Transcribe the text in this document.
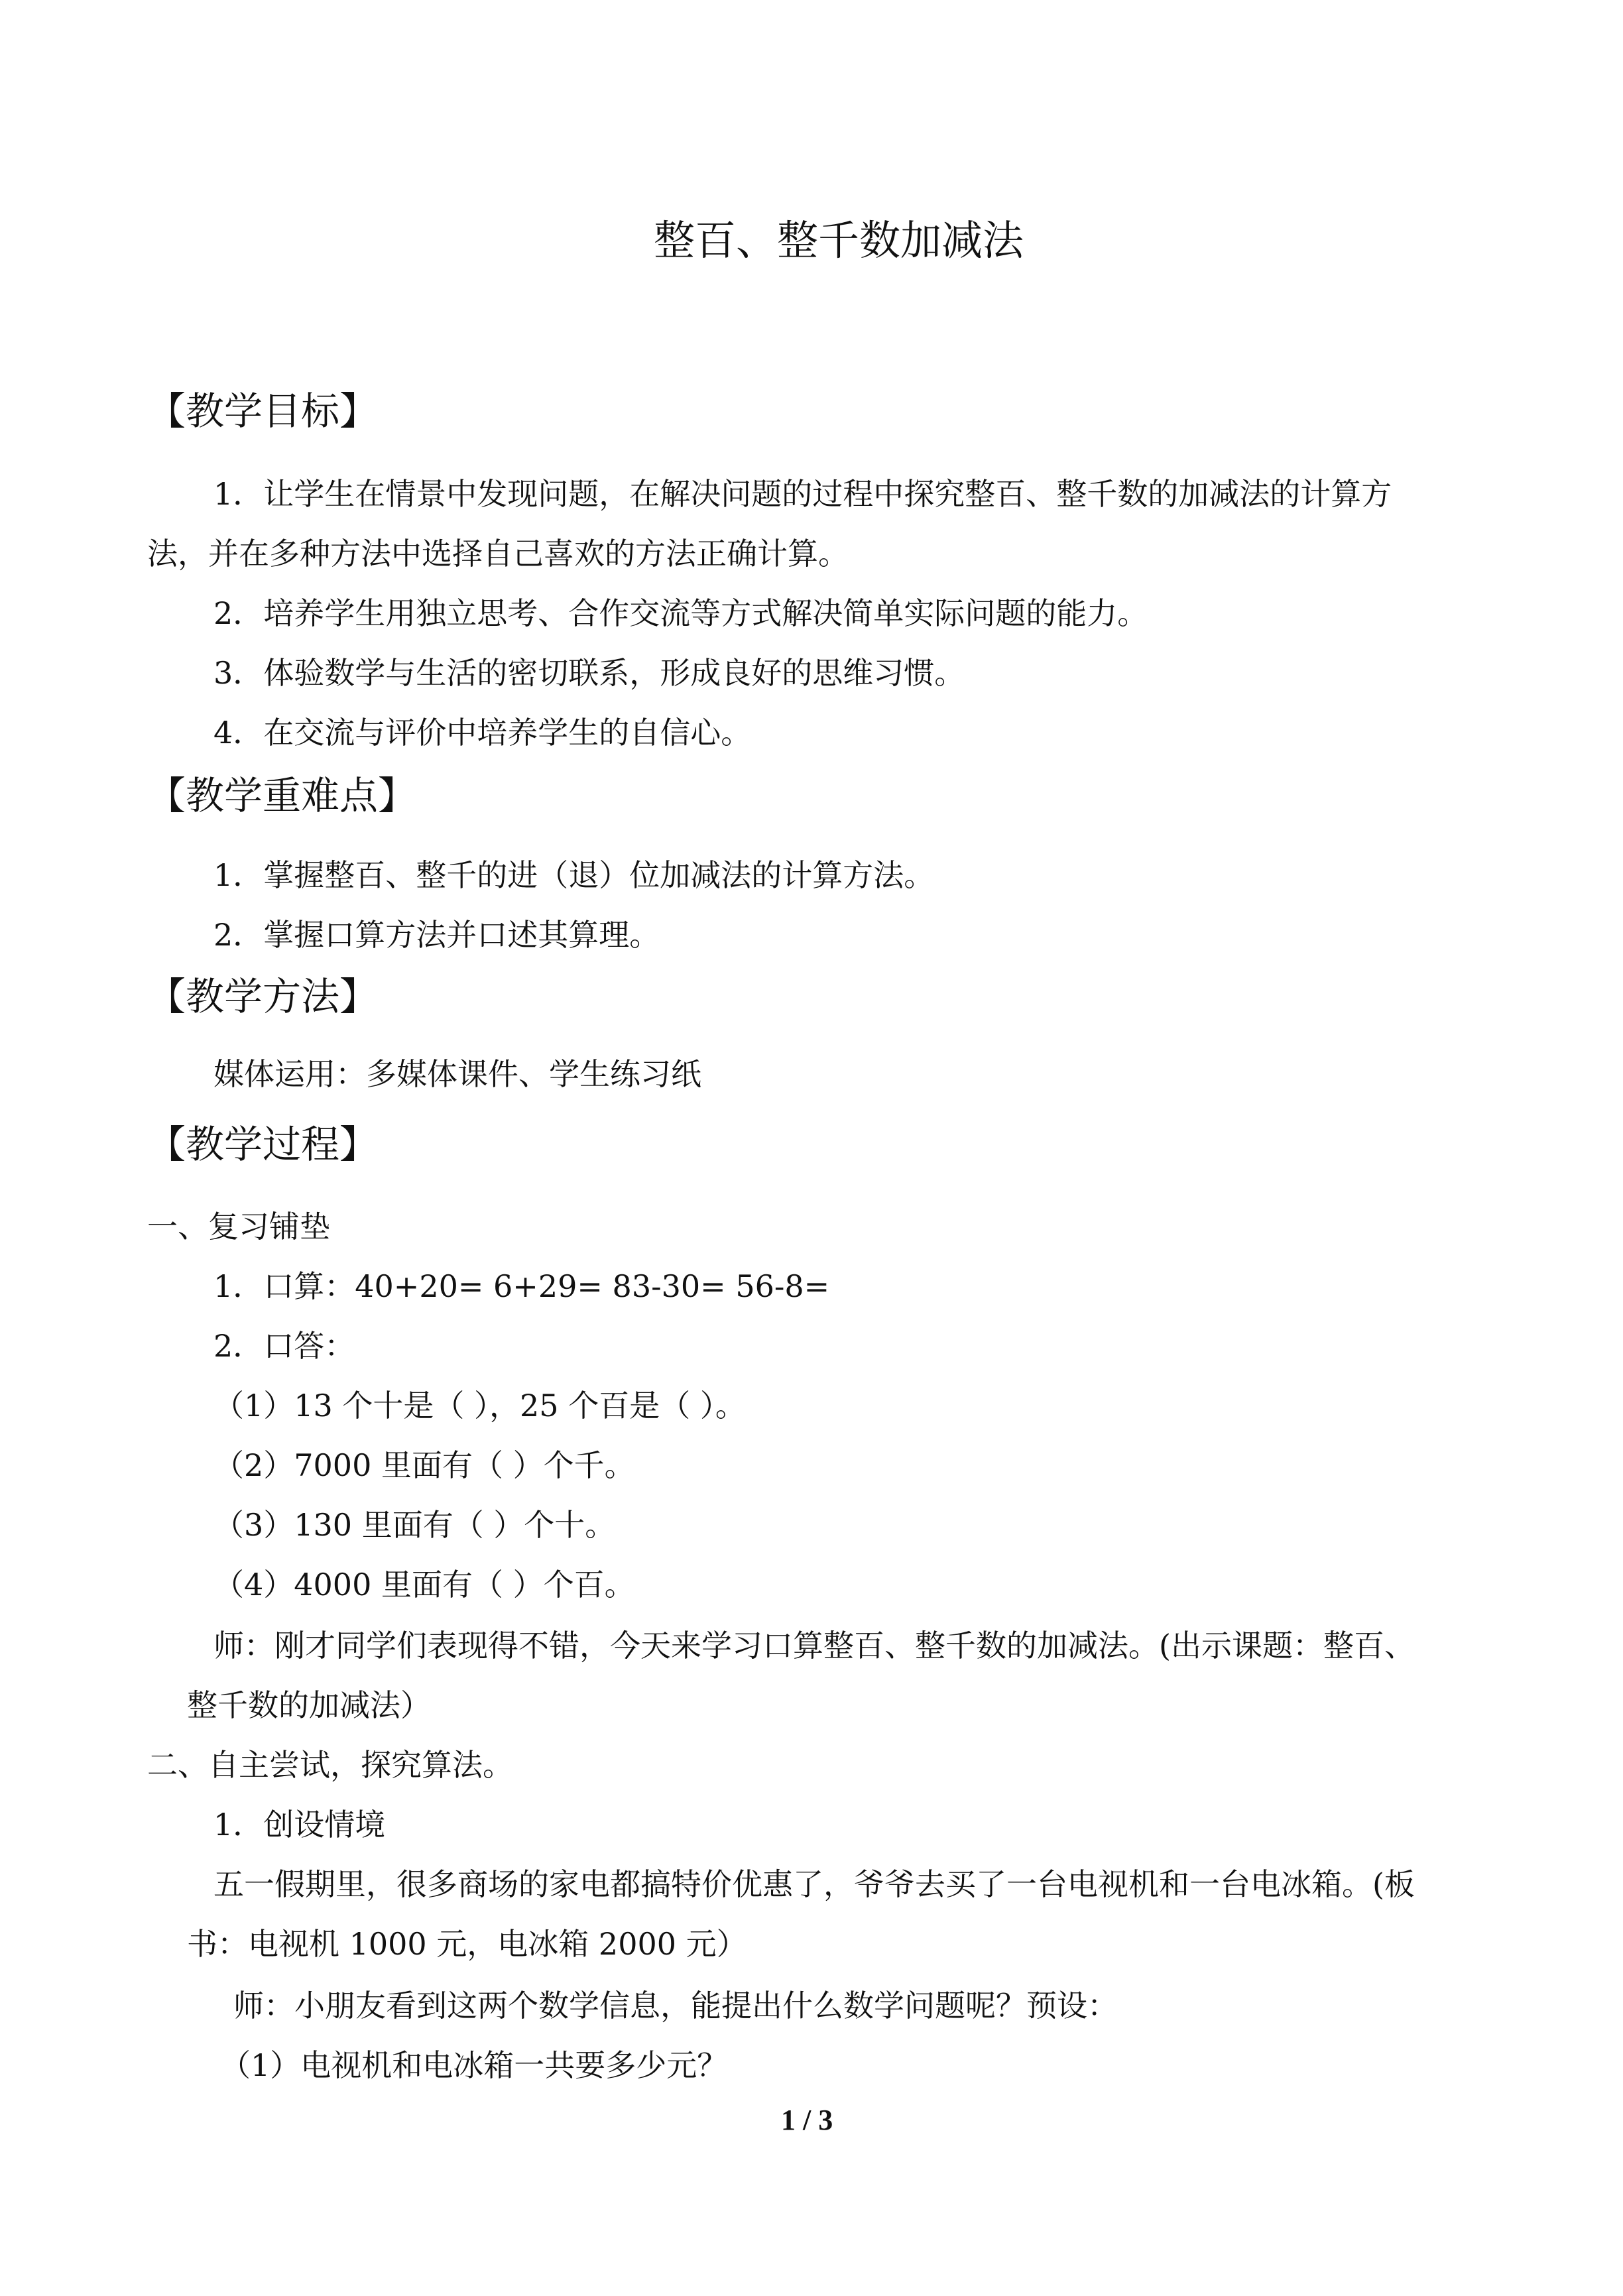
整百、整千数加减法
【教学目标】
1．让学生在情景中发现问题，在解决问题的过程中探究整百、整千数的加减法的计算方
法，并在多种方法中选择自己喜欢的方法正确计算。
2．培养学生用独立思考、合作交流等方式解决简单实际问题的能力。
3．体验数学与生活的密切联系，形成良好的思维习惯。
4．在交流与评价中培养学生的自信心。
【教学重难点】
1．掌握整百、整千的进（退）位加减法的计算方法。
2．掌握口算方法并口述其算理。
【教学方法】
媒体运用：多媒体课件、学生练习纸
【教学过程】
一、复习铺垫
1．口算：40+20= 6+29= 83-30= 56-8=
2．口答：
（1）13 个十是（ ），25 个百是（ ）。
（2）7000 里面有（ ）个千。
（3）130 里面有（ ）个十。
（4）4000 里面有（ ）个百。
师：刚才同学们表现得不错，今天来学习口算整百、整千数的加减法。(出示课题：整百、
整千数的加减法）
二、自主尝试，探究算法。
1．创设情境
五一假期里，很多商场的家电都搞特价优惠了，爷爷去买了一台电视机和一台电冰箱。(板
书：电视机 1000 元，电冰箱 2000 元）
师：小朋友看到这两个数学信息，能提出什么数学问题呢？预设：
（1）电视机和电冰箱一共要多少元？
1 / 3
